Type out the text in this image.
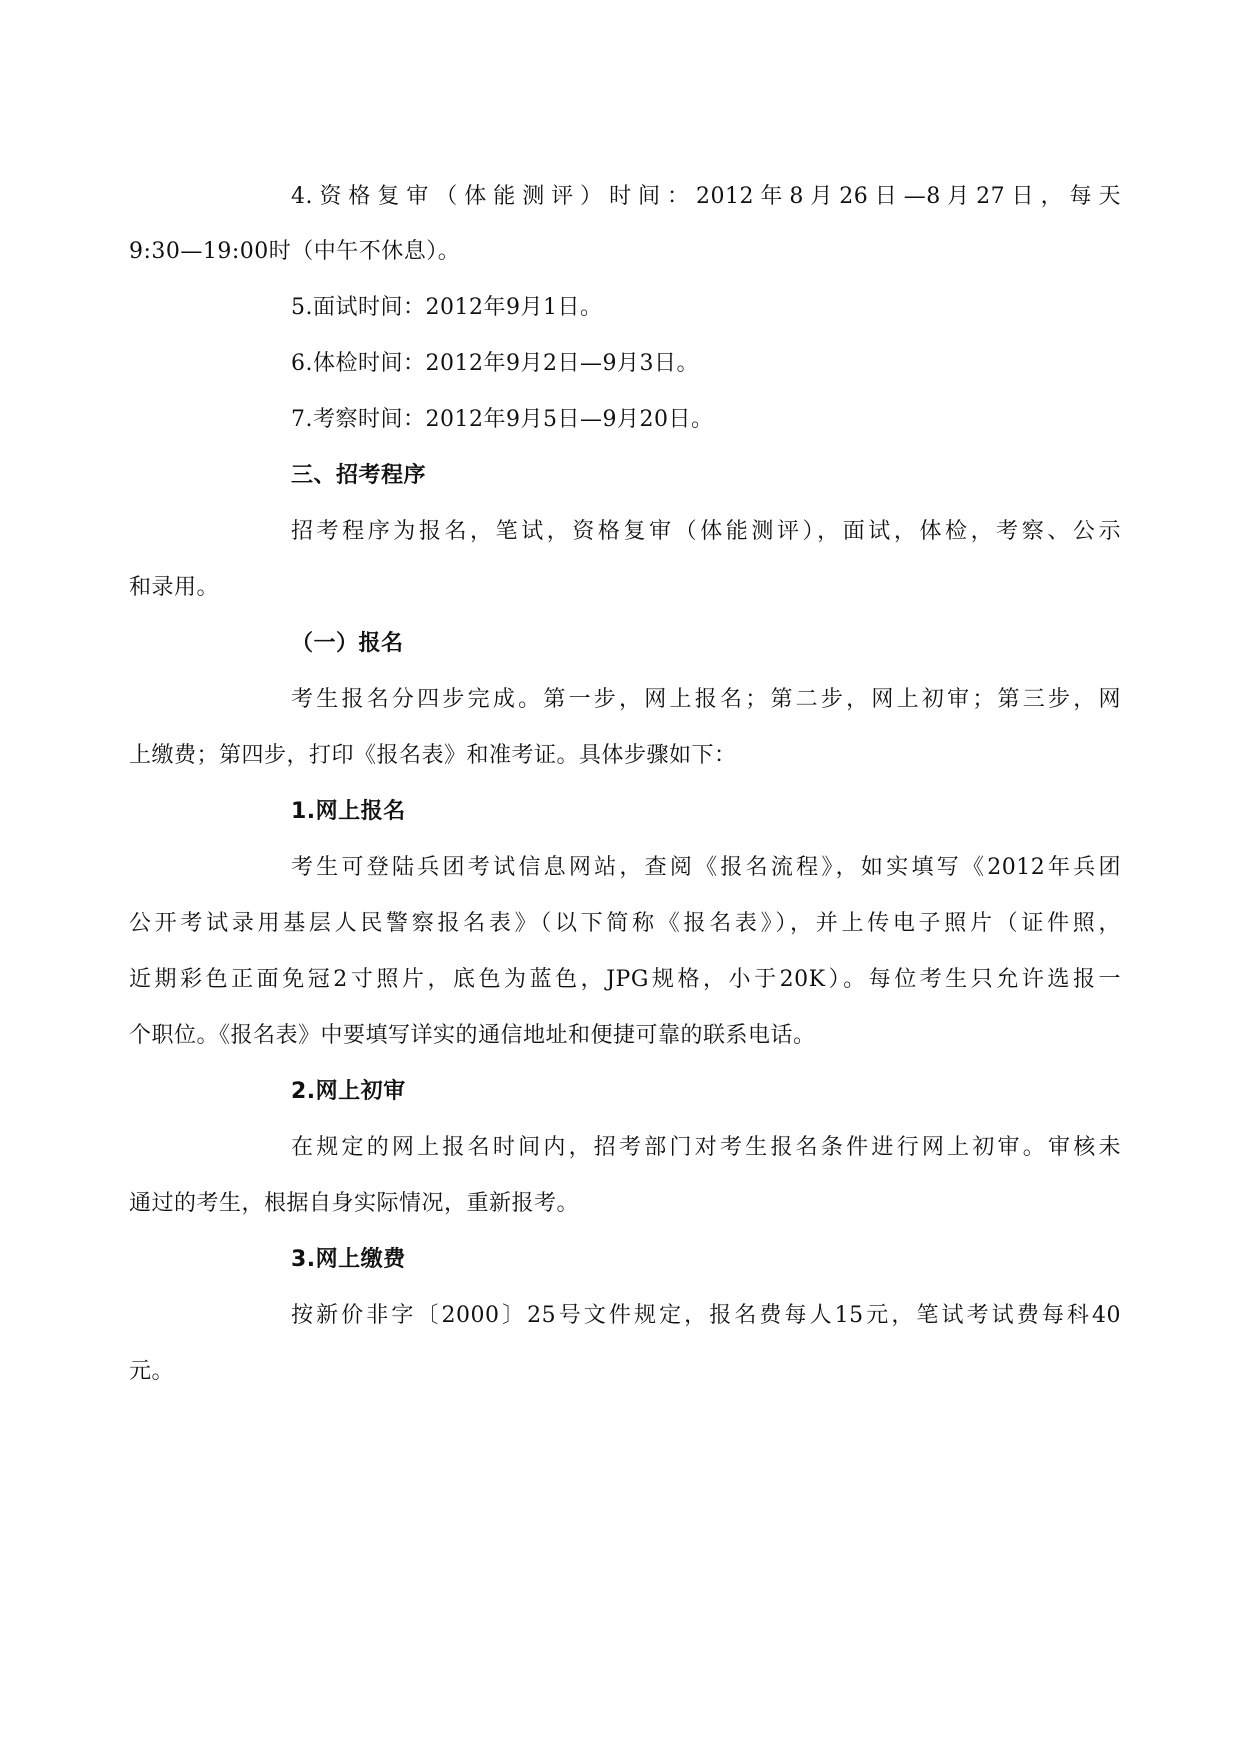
4.资格复审（体能测评）时间：2012年8月26日—8月27日，每天
9:30—19:00时（中午不休息）。
5.面试时间：2012年9月1日。
6.体检时间：2012年9月2日—9月3日。
7.考察时间：2012年9月5日—9月20日。
三、招考程序
招考程序为报名，笔试，资格复审（体能测评），面试，体检，考察、公示
和录用。
（一）报名
考生报名分四步完成。第一步，网上报名；第二步，网上初审；第三步，网
上缴费；第四步，打印《报名表》和准考证。具体步骤如下：
1.网上报名
考生可登陆兵团考试信息网站，查阅《报名流程》，如实填写《2012年兵团
公开考试录用基层人民警察报名表》（以下简称《报名表》），并上传电子照片（证件照，
近期彩色正面免冠2寸照片，底色为蓝色，JPG规格，小于20K）。每位考生只允许选报一
个职位。《报名表》中要填写详实的通信地址和便捷可靠的联系电话。
2.网上初审
在规定的网上报名时间内，招考部门对考生报名条件进行网上初审。审核未
通过的考生，根据自身实际情况，重新报考。
3.网上缴费
按新价非字〔2000〕25号文件规定，报名费每人15元，笔试考试费每科40
元。
